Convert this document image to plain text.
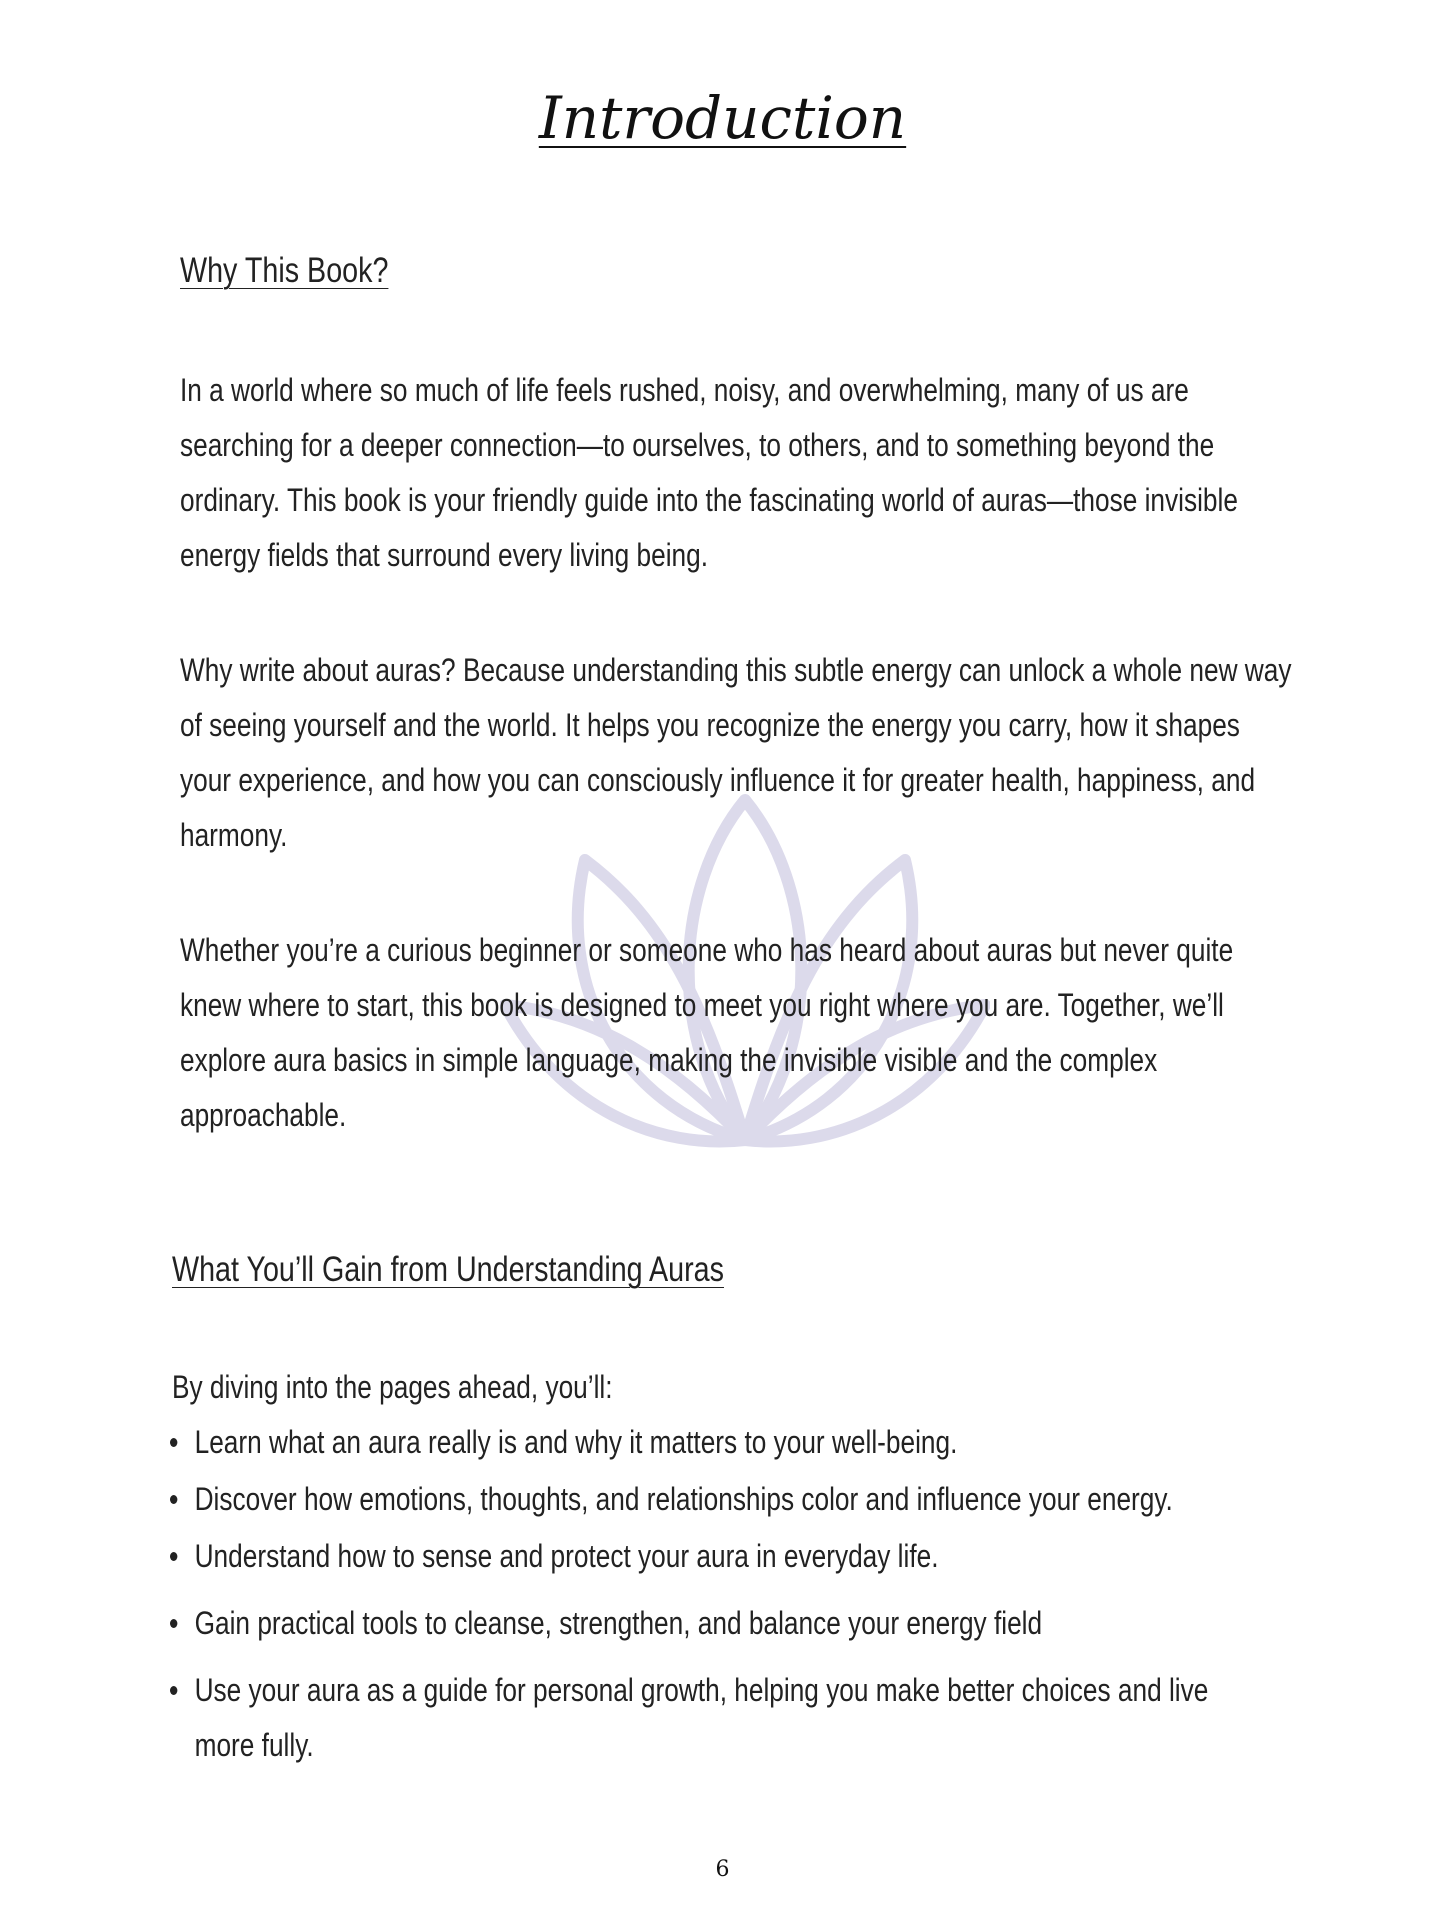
Introduction
Why This Book?

In a world where so much of life feels rushed, noisy, and overwhelming, many of us are searching for a deeper connection—to ourselves, to others, and to something beyond the ordinary. This book is your friendly guide into the fascinating world of auras—those invisible energy fields that surround every living being.

Why write about auras? Because understanding this subtle energy can unlock a whole new way of seeing yourself and the world. It helps you recognize the energy you carry, how it shapes your experience, and how you can consciously influence it for greater health, happiness, and harmony.

Whether you’re a curious beginner or someone who has heard about auras but never quite knew where to start, this book is designed to meet you right where you are. Together, we’ll explore aura basics in simple language, making the invisible visible and the complex approachable.

What You’ll Gain from Understanding Auras

By diving into the pages ahead, you’ll:

Learn what an aura really is and why it matters to your well-being.
Discover how emotions, thoughts, and relationships color and influence your energy.
Understand how to sense and protect your aura in everyday life.
Gain practical tools to cleanse, strengthen, and balance your energy field
Use your aura as a guide for personal growth, helping you make better choices and live more fully.

6
